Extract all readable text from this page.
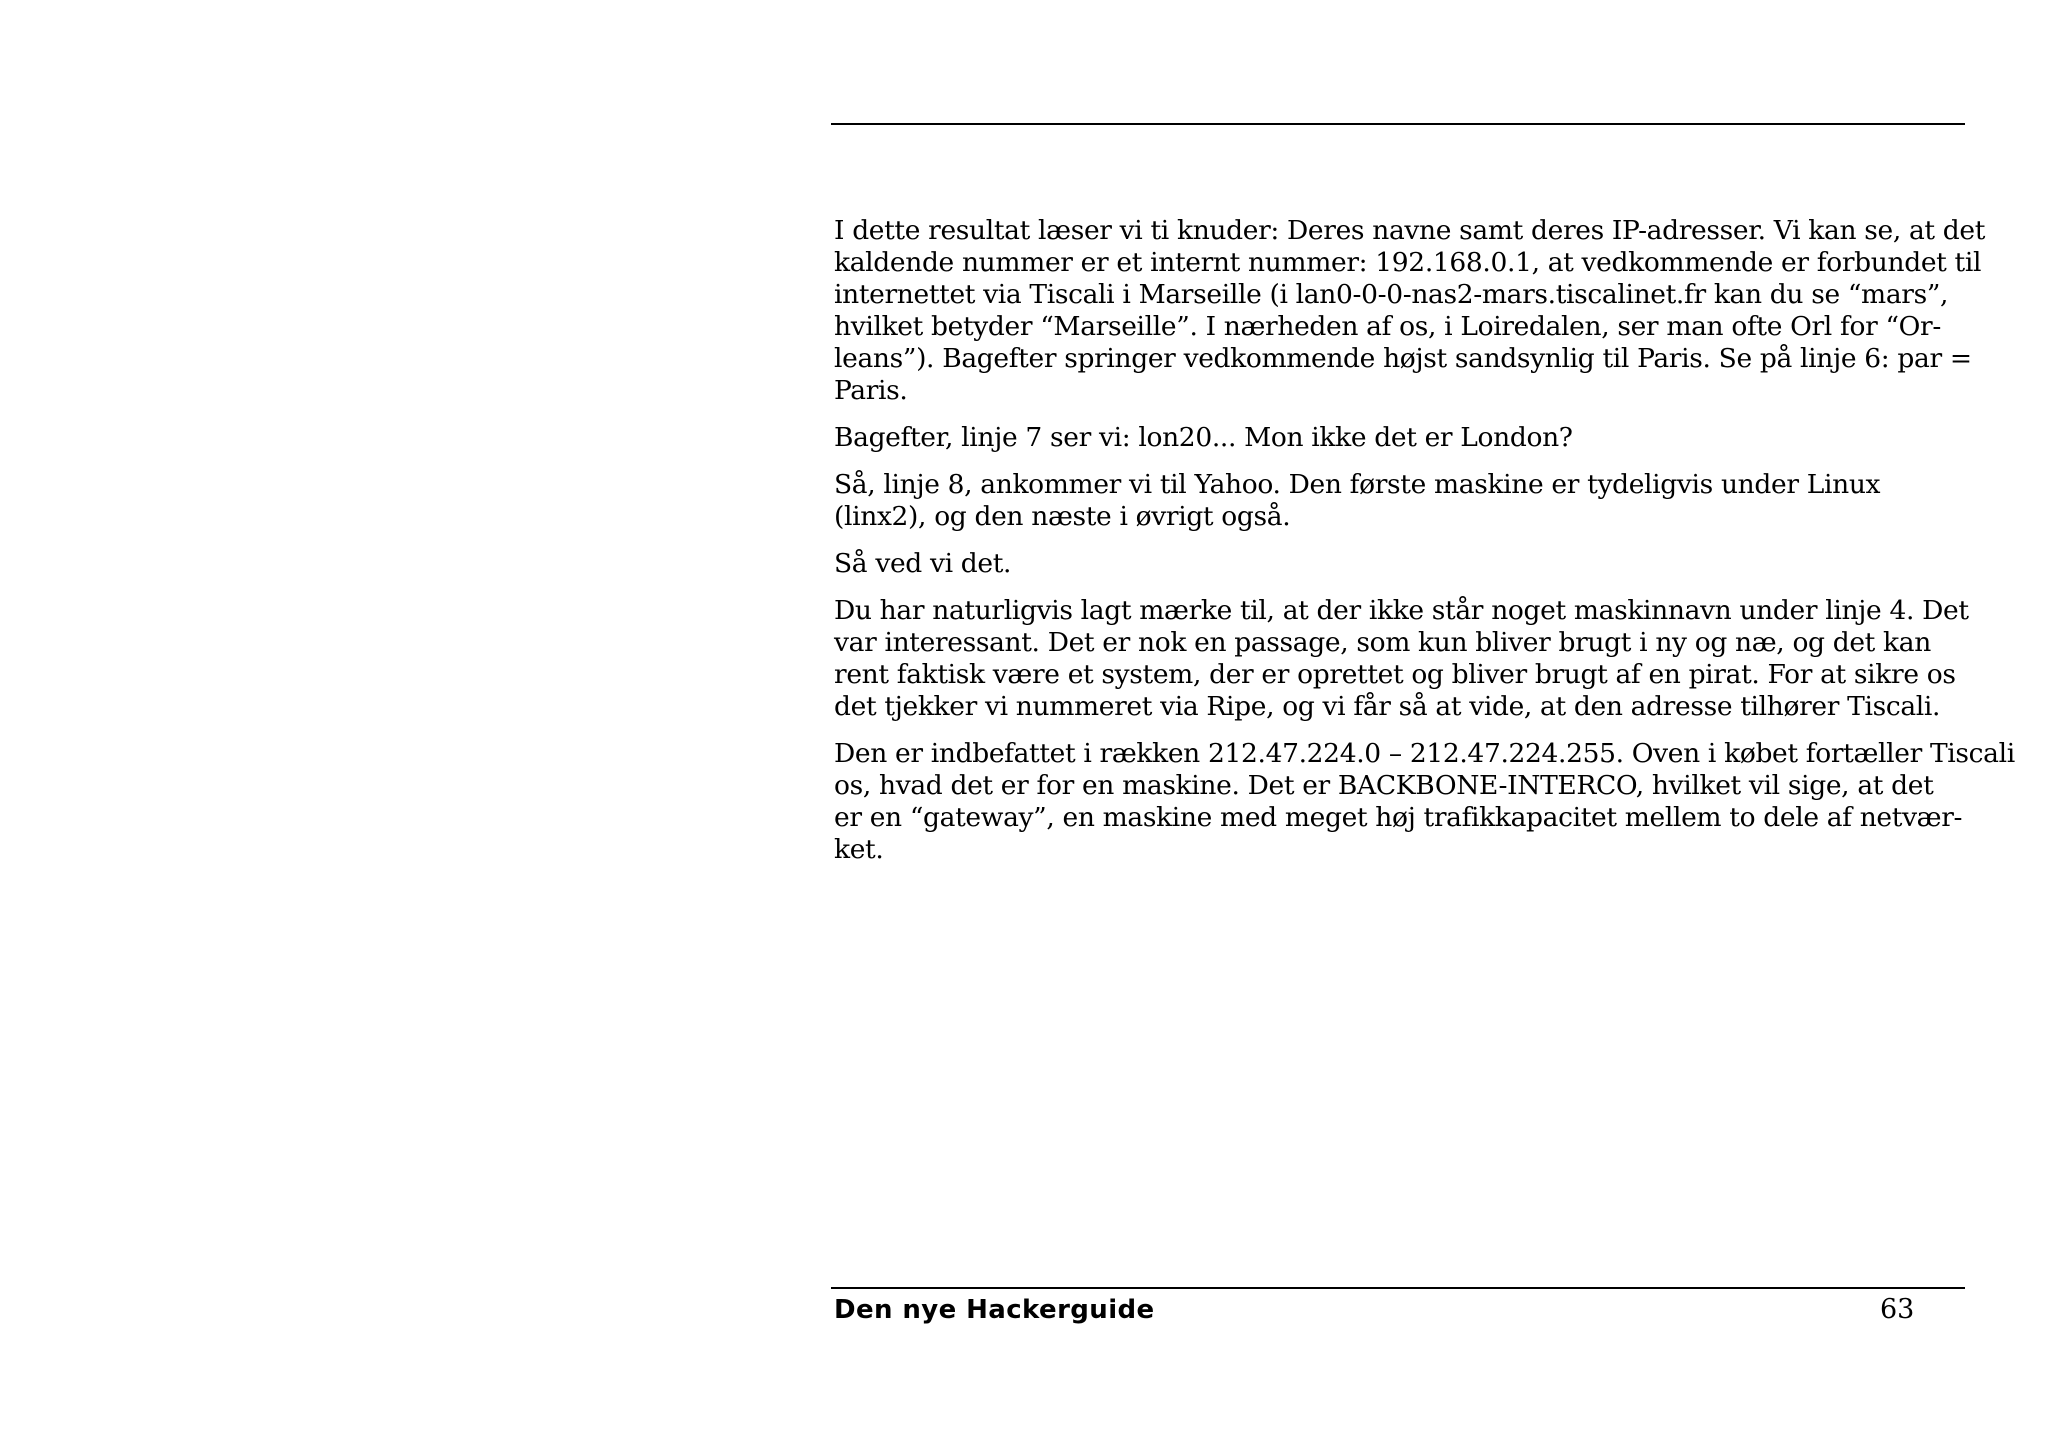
I dette resultat læser vi ti knuder: Deres navne samt deres IP-adresser. Vi kan se, at det
kaldende nummer er et internt nummer: 192.168.0.1, at vedkommende er forbundet til
internettet via Tiscali i Marseille (i lan0-0-0-nas2-mars.tiscalinet.fr kan du se “mars”,
hvilket betyder “Marseille”. I nærheden af os, i Loiredalen, ser man ofte Orl for “Or-
leans”). Bagefter springer vedkommende højst sandsynlig til Paris. Se på linje 6: par =
Paris.

Bagefter, linje 7 ser vi: lon20... Mon ikke det er London?

Så, linje 8, ankommer vi til Yahoo. Den første maskine er tydeligvis under Linux
(linx2), og den næste i øvrigt også.

Så ved vi det.

Du har naturligvis lagt mærke til, at der ikke står noget maskinnavn under linje 4. Det
var interessant. Det er nok en passage, som kun bliver brugt i ny og næ, og det kan
rent faktisk være et system, der er oprettet og bliver brugt af en pirat. For at sikre os
det tjekker vi nummeret via Ripe, og vi får så at vide, at den adresse tilhører Tiscali.

Den er indbefattet i rækken 212.47.224.0 – 212.47.224.255. Oven i købet fortæller Tiscali
os, hvad det er for en maskine. Det er BACKBONE-INTERCO, hvilket vil sige, at det
er en “gateway”, en maskine med meget høj trafikkapacitet mellem to dele af netvær-
ket.

Den nye Hackerguide	63
